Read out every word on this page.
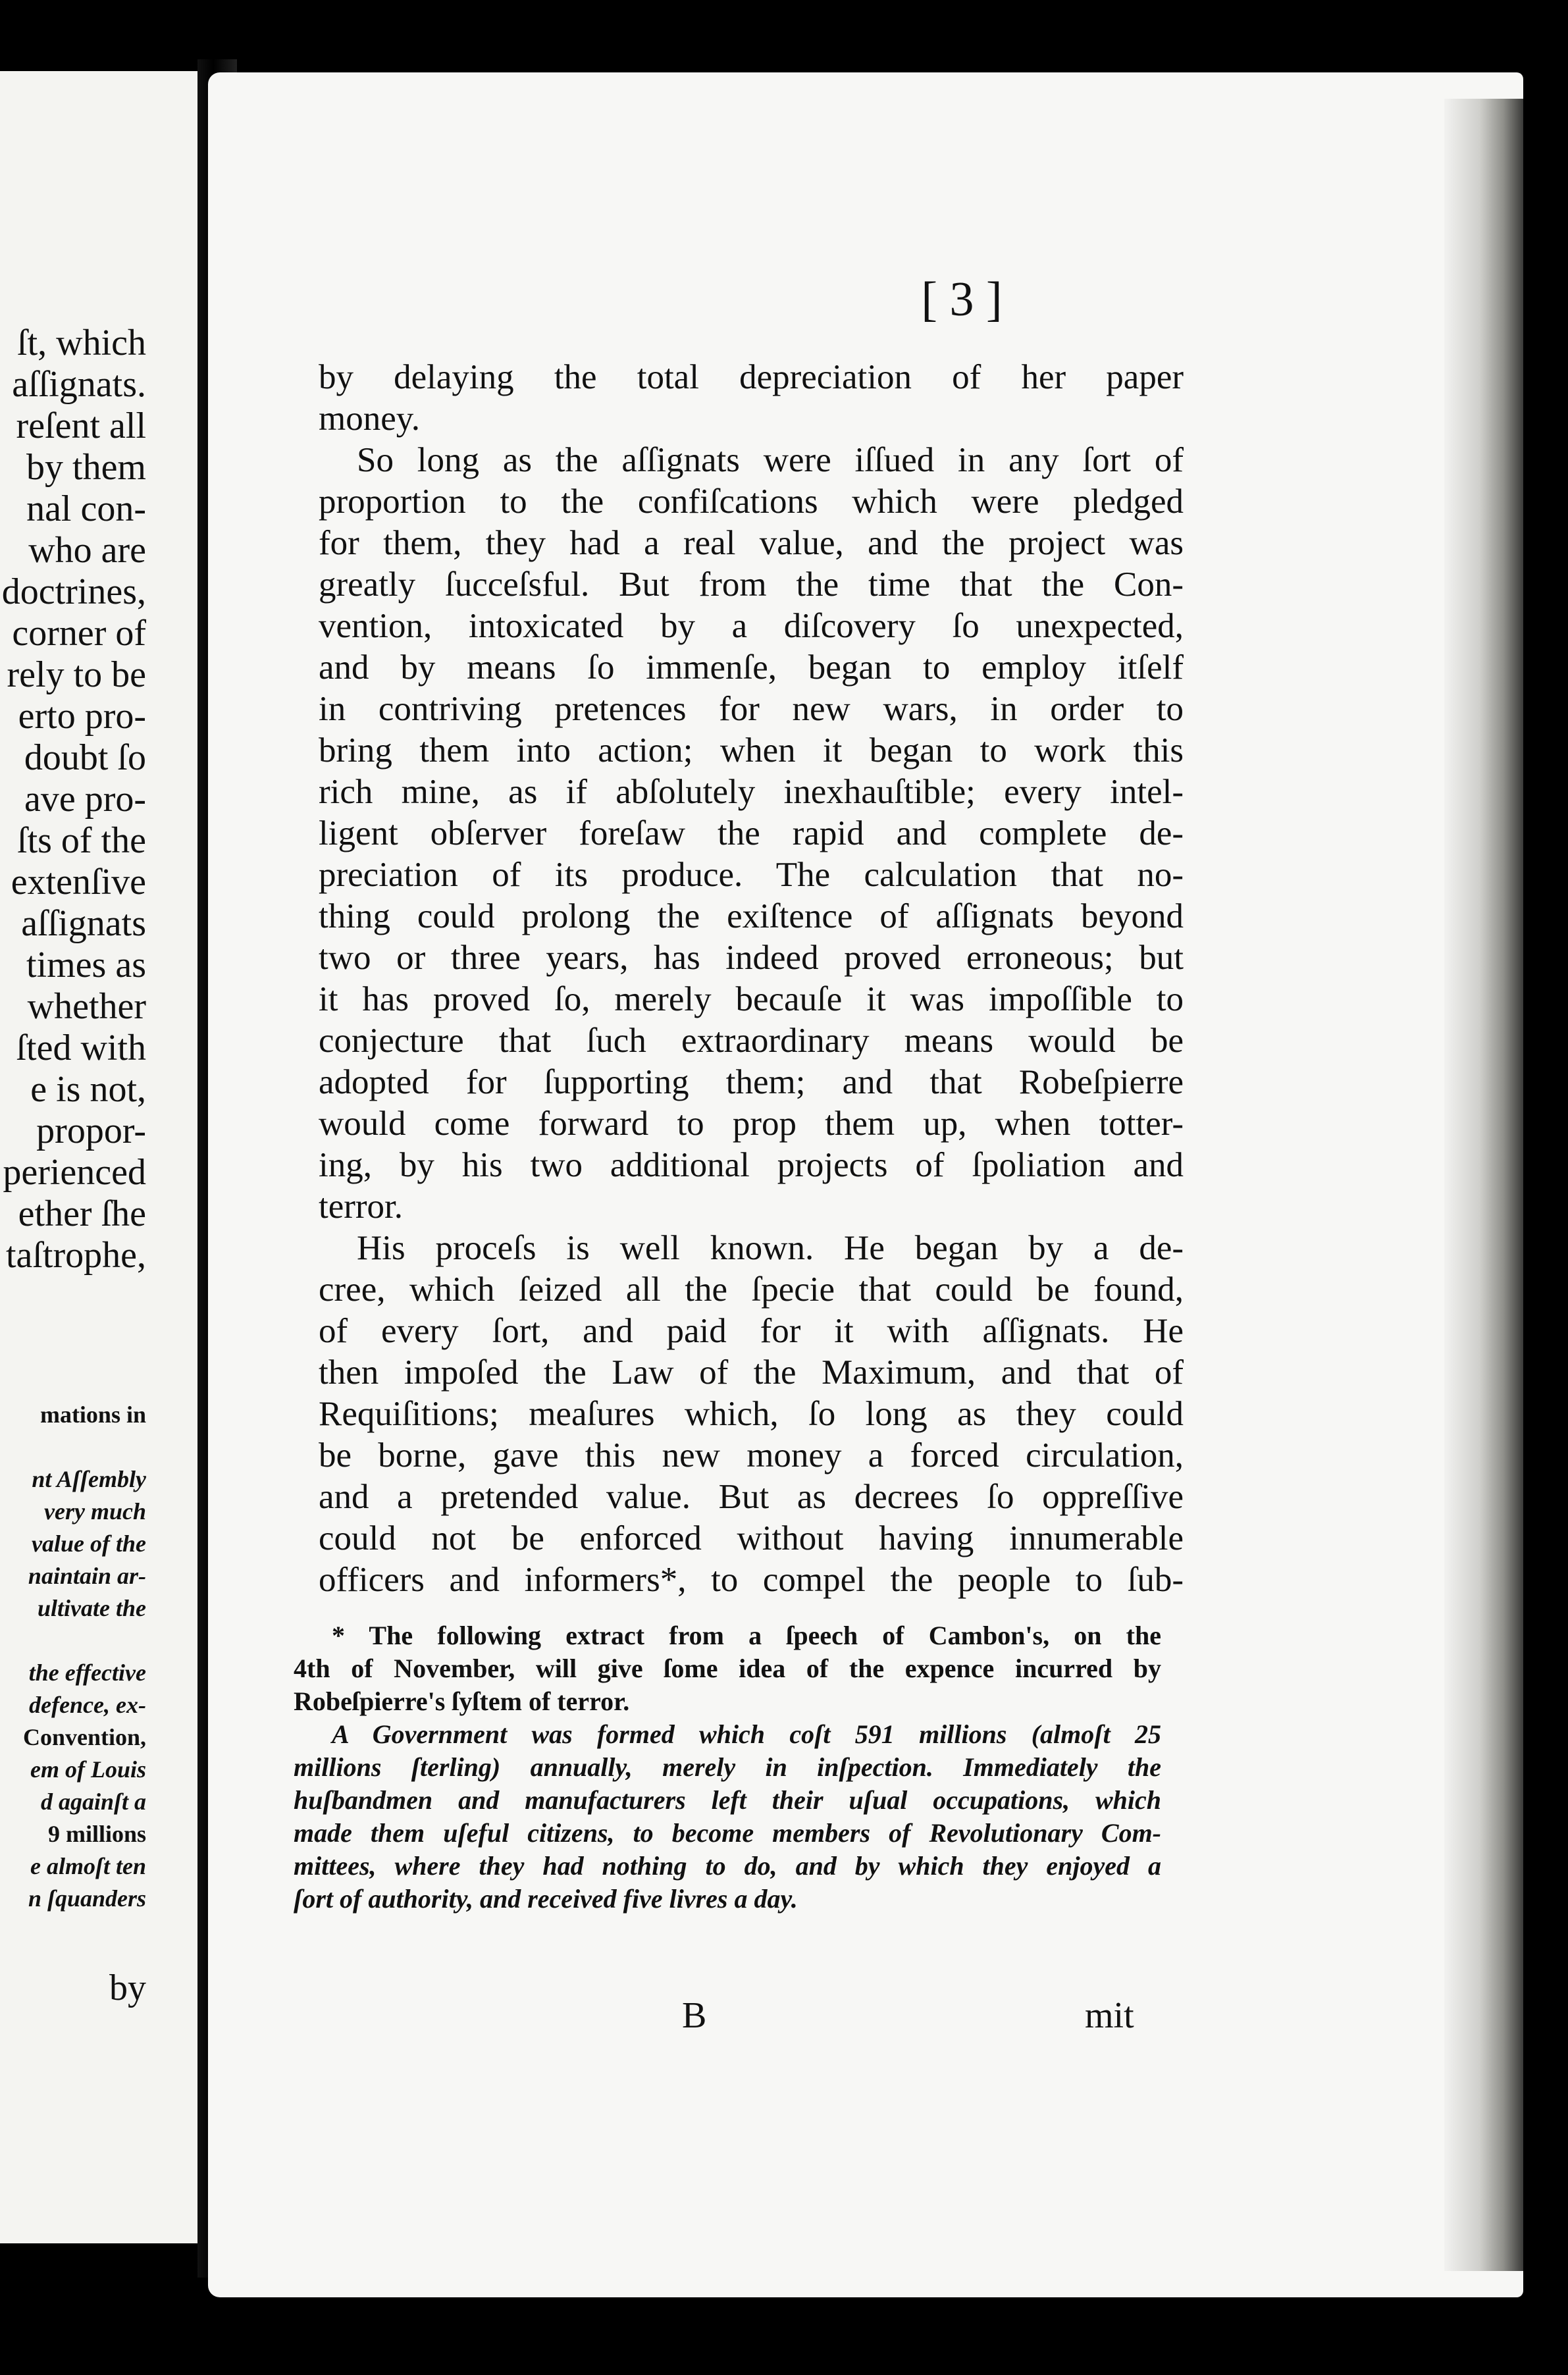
ſt, which
aſſignats.
reſent all
by them
nal con-
who are
doctrines,
corner of
rely to be
erto pro-
doubt ſo
ave pro-
ſts of the
extenſive
aſſignats
times as
whether
ſted with
e is not,
propor-
perienced
ether ſhe
taſtrophe,
mations in
nt Aſſembly
very much
value of the
naintain ar-
ultivate the
the effective
defence, ex-
Convention,
em of Louis
d againſt a
9 millions
e almoſt ten
n ſquanders
by
[ 3 ]
by delaying the total depreciation of her paper
money.
So long as the aſſignats were iſſued in any ſort of
proportion to the confiſcations which were pledged
for them, they had a real value, and the project was
greatly ſucceſsful. But from the time that the Con-
vention, intoxicated by a diſcovery ſo unexpected,
and by means ſo immenſe, began to employ itſelf
in contriving pretences for new wars, in order to
bring them into action; when it began to work this
rich mine, as if abſolutely inexhauſtible; every intel-
ligent obſerver foreſaw the rapid and complete de-
preciation of its produce. The calculation that no-
thing could prolong the exiſtence of aſſignats beyond
two or three years, has indeed proved erroneous; but
it has proved ſo, merely becauſe it was impoſſible to
conjecture that ſuch extraordinary means would be
adopted for ſupporting them; and that Robeſpierre
would come forward to prop them up, when totter-
ing, by his two additional projects of ſpoliation and
terror.
His proceſs is well known. He began by a de-
cree, which ſeized all the ſpecie that could be found,
of every ſort, and paid for it with aſſignats. He
then impoſed the Law of the Maximum, and that of
Requiſitions; meaſures which, ſo long as they could
be borne, gave this new money a forced circulation,
and a pretended value. But as decrees ſo oppreſſive
could not be enforced without having innumerable
officers and informers*, to compel the people to ſub-
* The following extract from a ſpeech of Cambon's, on the
4th of November, will give ſome idea of the expence incurred by
Robeſpierre's ſyſtem of terror.
A Government was formed which coſt 591 millions (almoſt 25
millions ſterling) annually, merely in inſpection. Immediately the
huſbandmen and manufacturers left their uſual occupations, which
made them uſeful citizens, to become members of Revolutionary Com-
mittees, where they had nothing to do, and by which they enjoyed a
ſort of authority, and received five livres a day.
B	mit
